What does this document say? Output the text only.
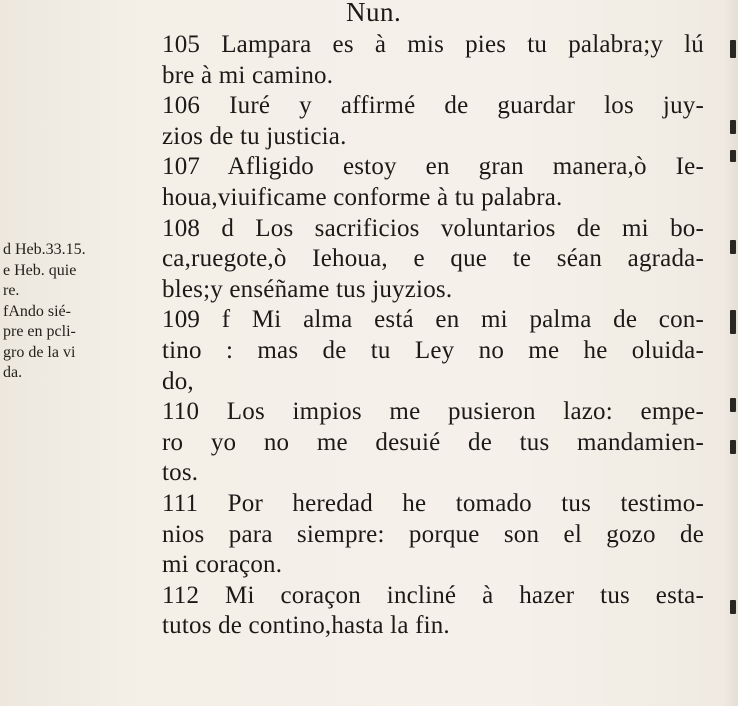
Nun.
d Heb.33.15.
e Heb. quie
re.
fAndo sié-
pre en pcli-
gro de la vi
da.
105 Lampara es à mis pies tu palabra;y lú
bre à mi camino.
106 Iuré y affirmé de guardar los juy-
zios de tu justicia.
107 Afligido estoy en gran manera,ò Ie-
houa,viuificame conforme à tu palabra.
108 d Los sacrificios voluntarios de mi bo-
ca,ruegote,ò Iehoua, e que te séan agrada-
bles;y enséñame tus juyzios.
109 f Mi alma está en mi palma de con-
tino : mas de tu Ley no me he oluida-
do,
110 Los impios me pusieron lazo: empe-
ro yo no me desuié de tus mandamien-
tos.
111 Por heredad he tomado tus testimo-
nios para siempre: porque son el gozo de
mi coraçon.
112 Mi coraçon incliné à hazer tus esta-
tutos de contino,hasta la fin.
